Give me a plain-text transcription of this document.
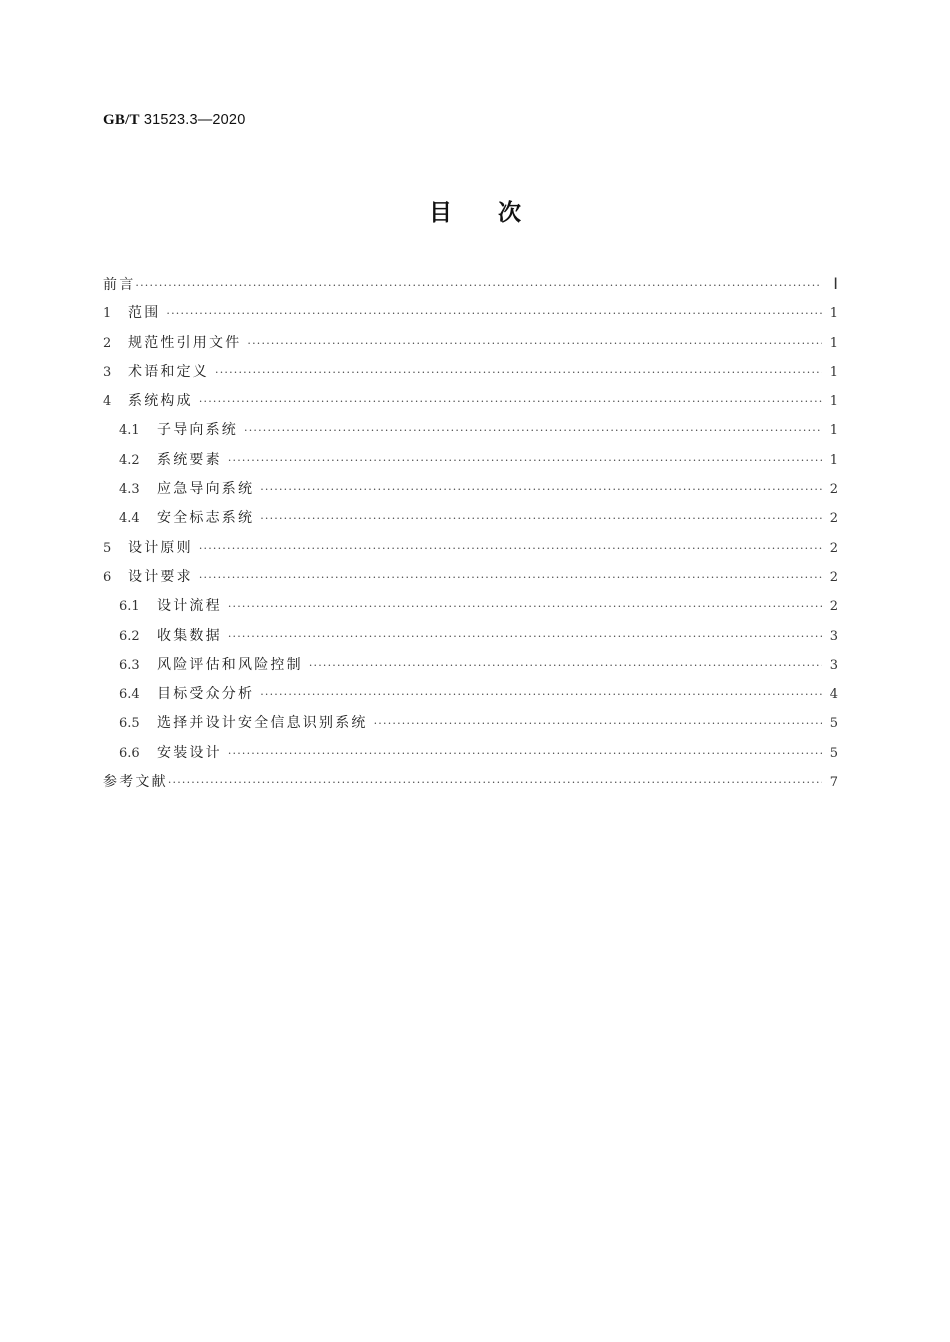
GB/T 31523.3—2020
目次
前言 ·····	Ⅰ
1	范围 ·····	1
2	规范性引用文件 ·····	1
3	术语和定义 ·····	1
4	系统构成 ·····	1
4.1	子导向系统 ·····	1
4.2	系统要素 ·····	1
4.3	应急导向系统 ·····	2
4.4	安全标志系统 ·····	2
5	设计原则 ·····	2
6	设计要求 ·····	2
6.1	设计流程 ·····	2
6.2	收集数据 ·····	3
6.3	风险评估和风险控制 ·····	3
6.4	目标受众分析 ·····	4
6.5	选择并设计安全信息识别系统 ·····	5
6.6	安装设计 ·····	5
参考文献 ·····	7
